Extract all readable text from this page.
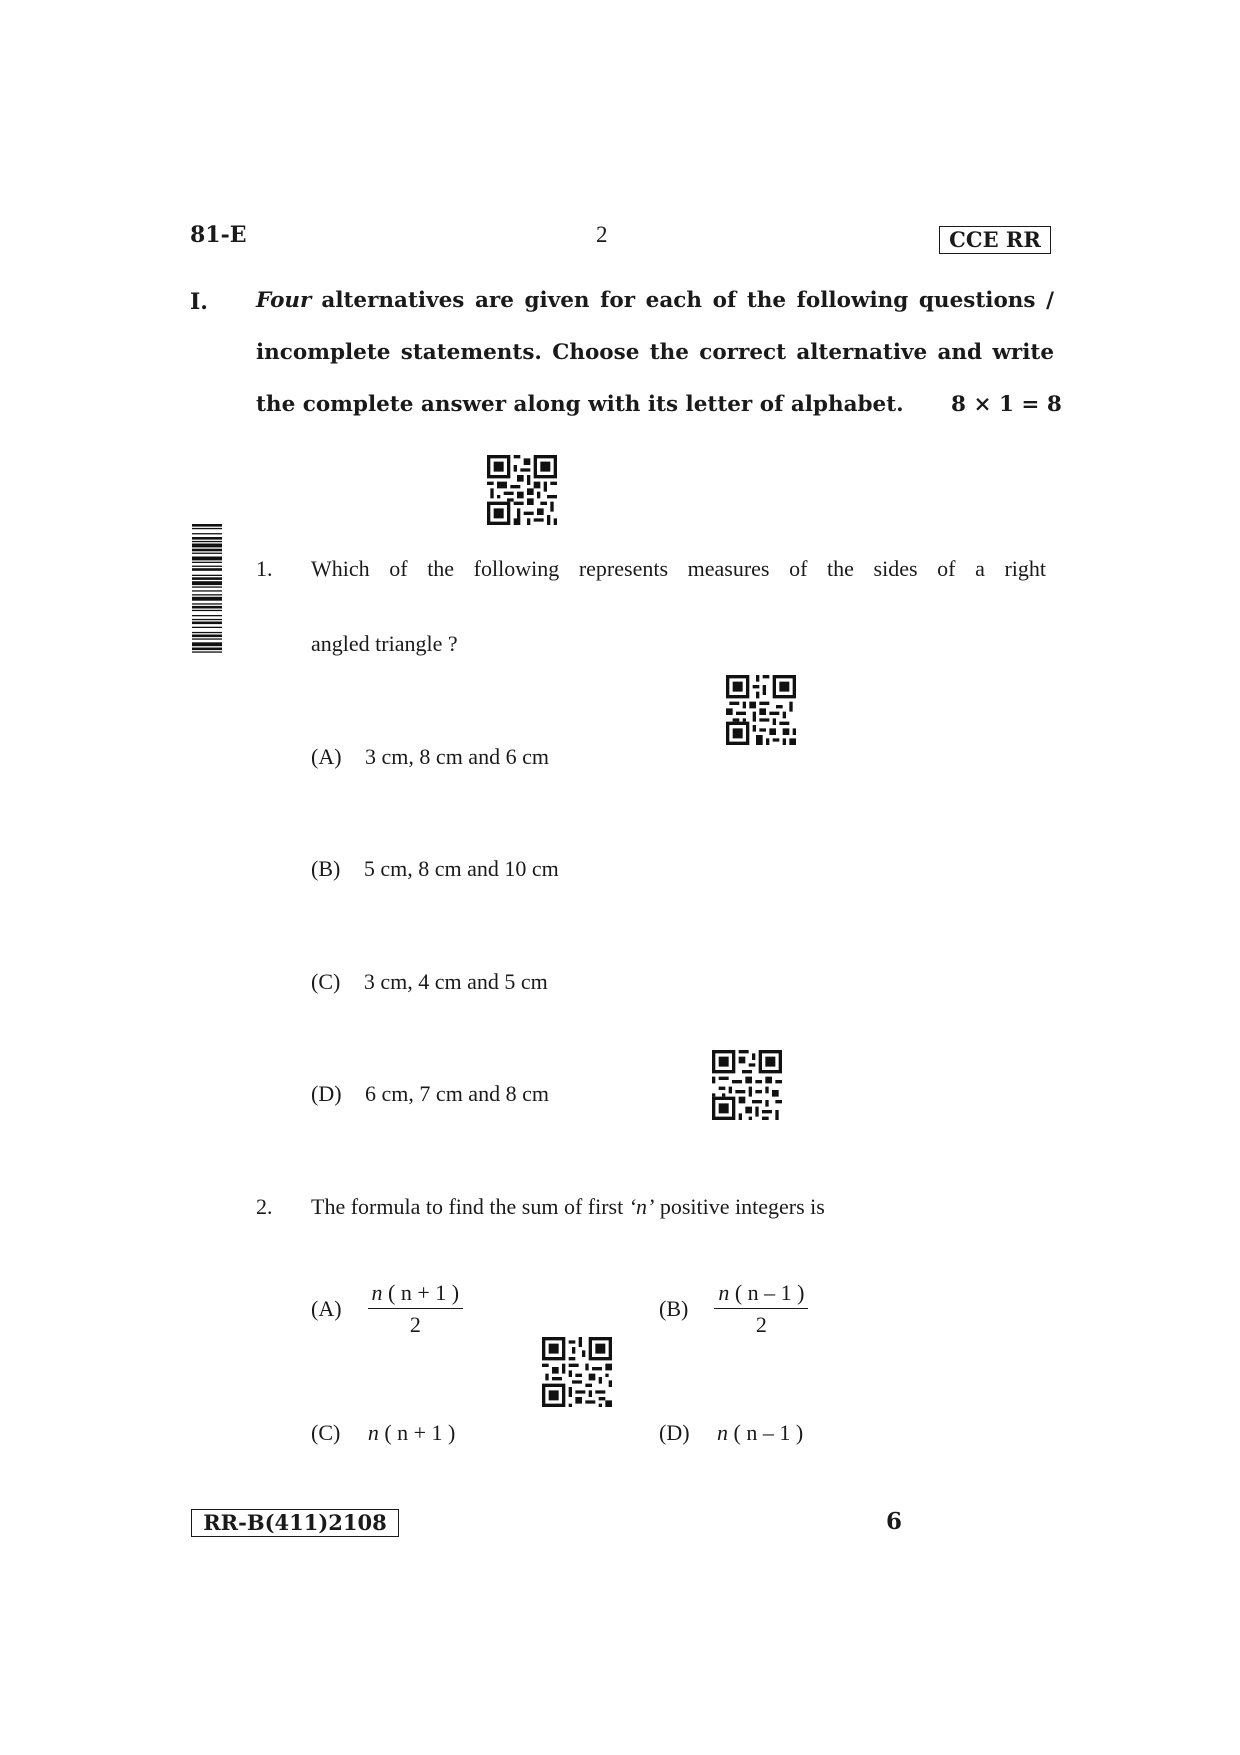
81-E	2	CCE RR
I. Four alternatives are given for each of the following questions /
incomplete statements. Choose the correct alternative and write
the complete answer along with its letter of alphabet. 8 × 1 = 8
1. Which of the following represents measures of the sides of a right
angled triangle ?
(A) 3 cm, 8 cm and 6 cm
(B) 5 cm, 8 cm and 10 cm
(C) 3 cm, 4 cm and 5 cm
(D) 6 cm, 7 cm and 8 cm
2. The formula to find the sum of first ‘n’ positive integers is
$(A) \frac{n ( n + 1 )}{2}$	$(B) \frac{n ( n - 1 )}{2}$
(C) n ( n + 1 )	(D) n ( n – 1 )
RR-B(411)2108	6
